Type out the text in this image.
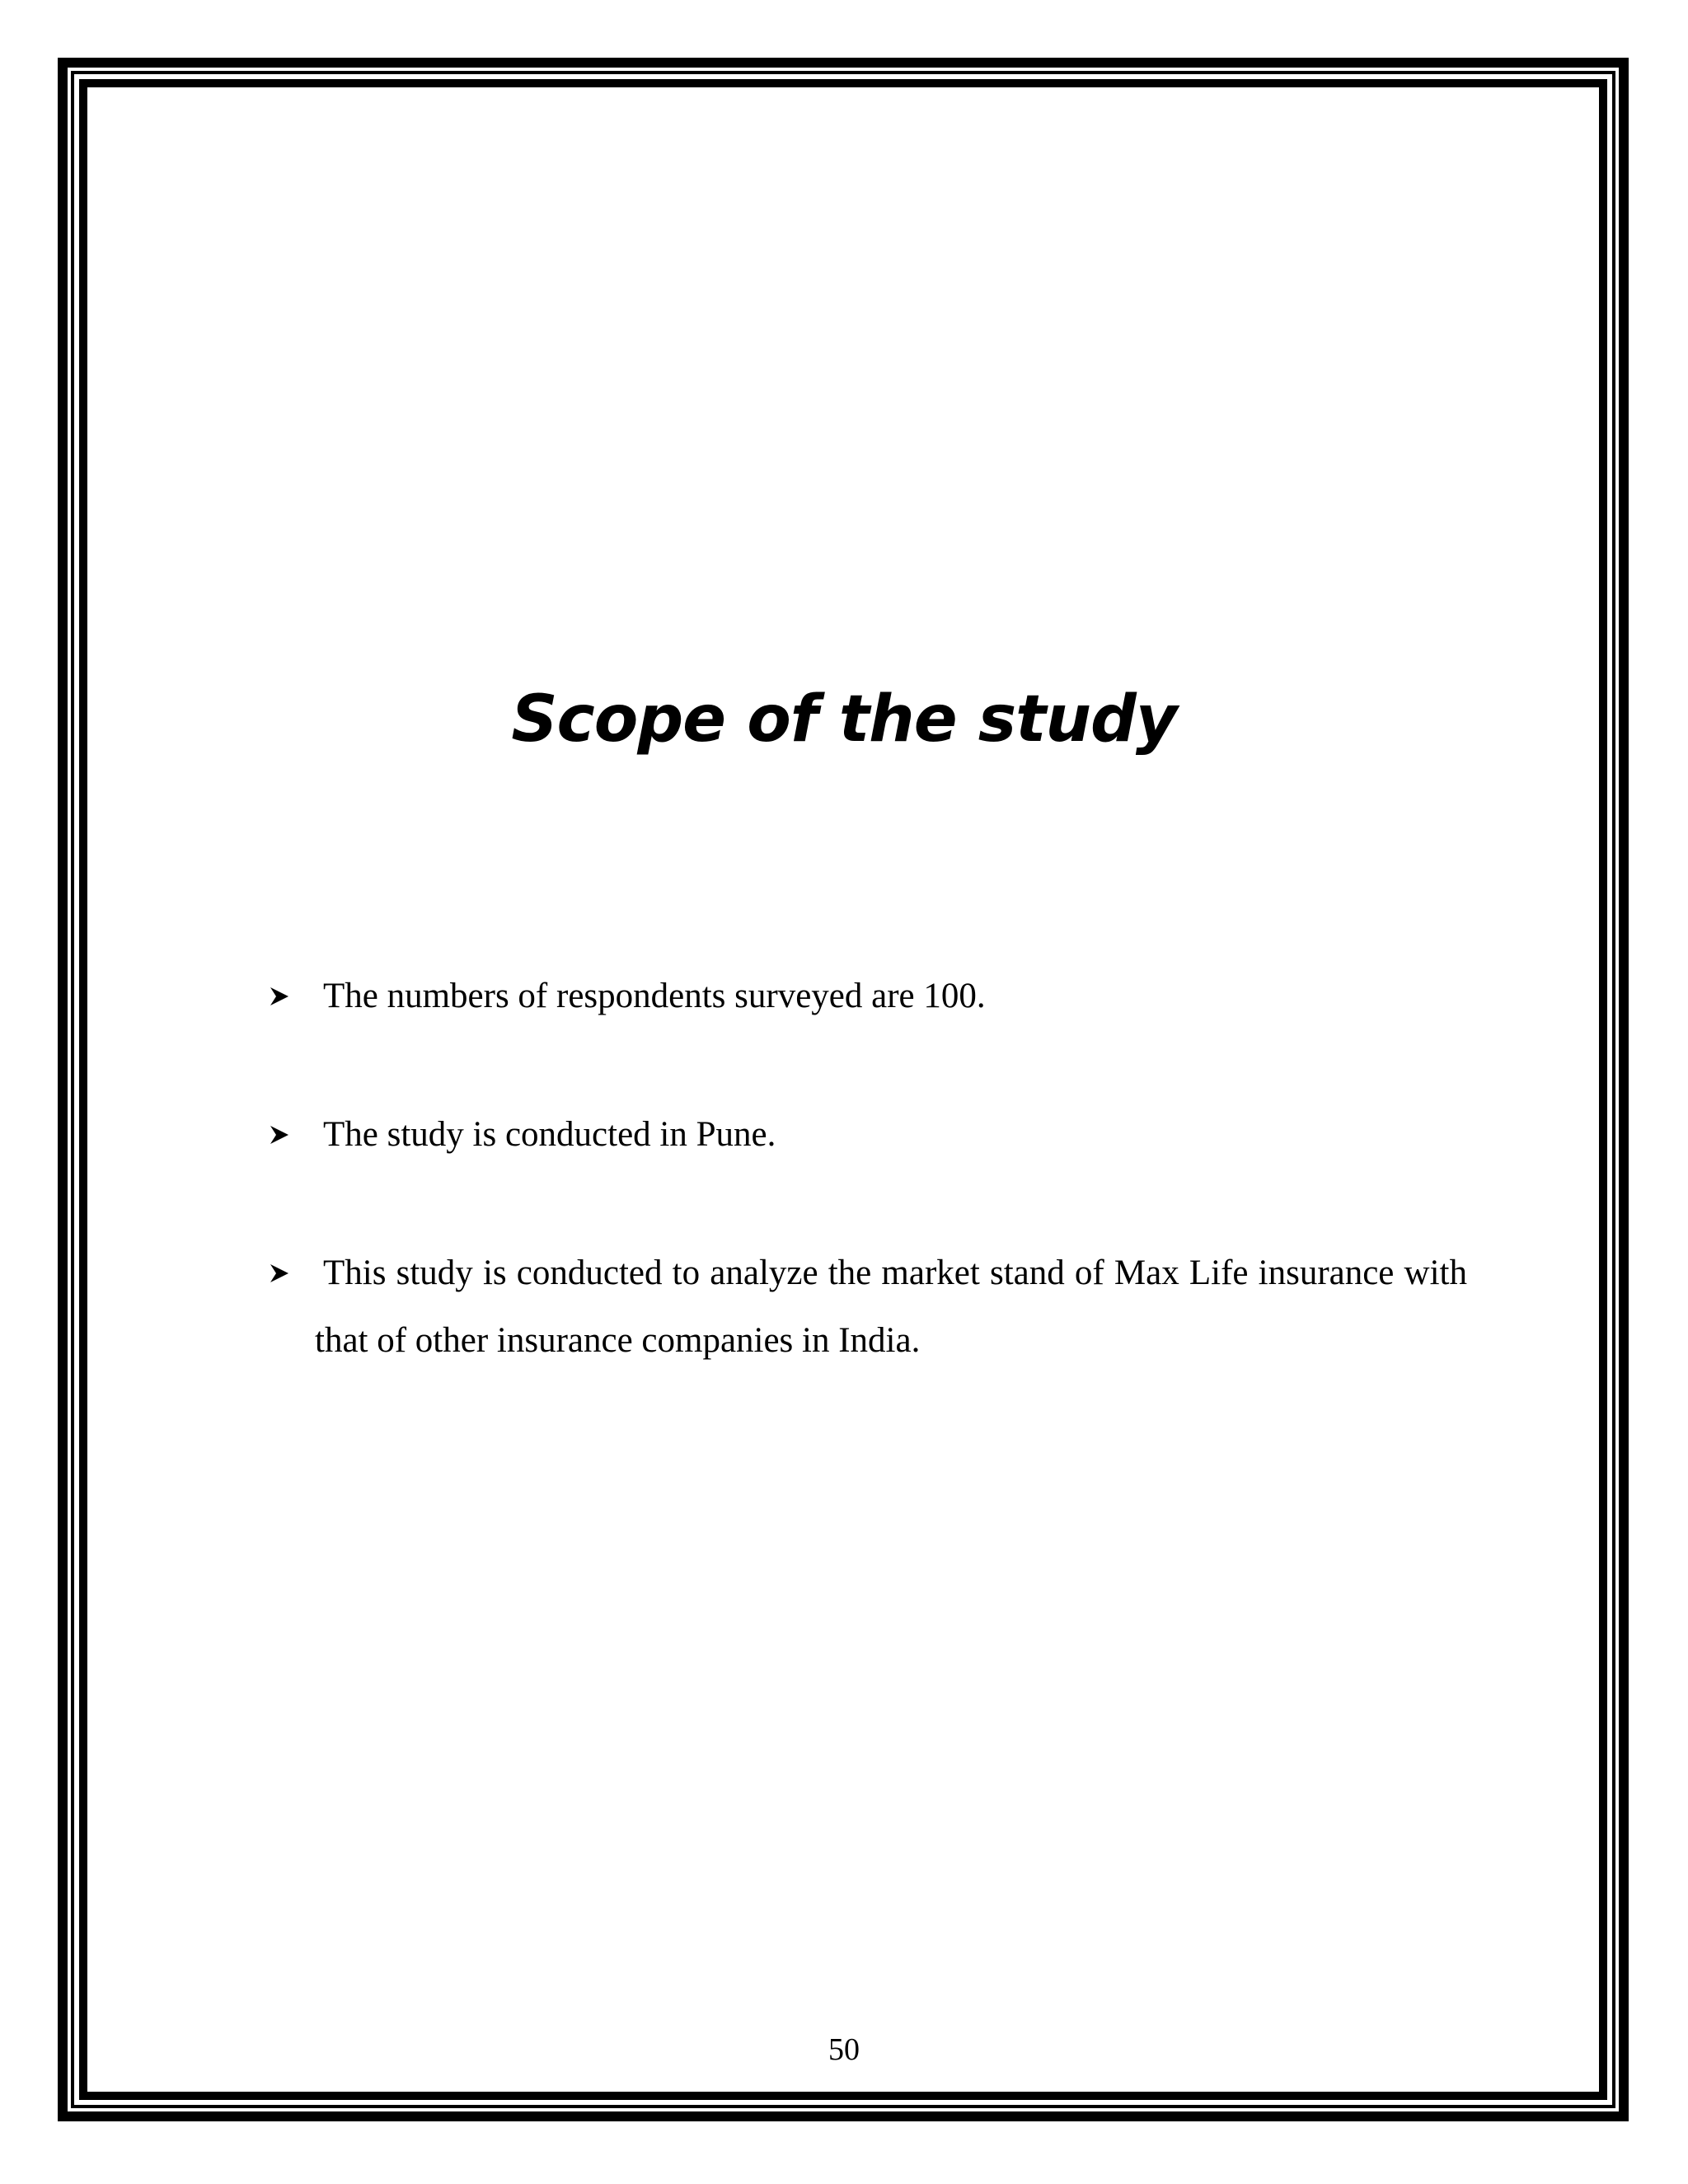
Scope of the study
The numbers of respondents surveyed are 100.
The study is conducted in Pune.
This study is conducted to analyze the market stand of Max Life insurance with that of other insurance companies in India.
50
